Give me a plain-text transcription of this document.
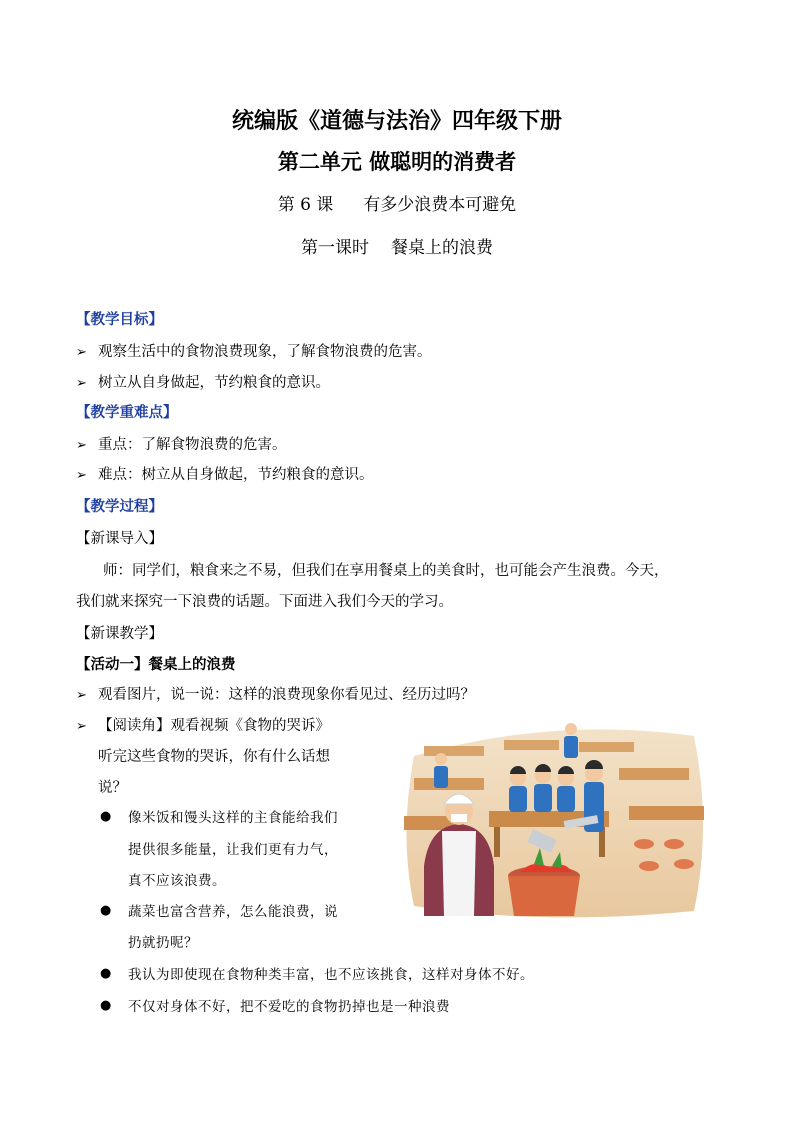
统编版《道德与法治》四年级下册
第二单元 做聪明的消费者
第 6 课 有多少浪费本可避免
第一课时 餐桌上的浪费
【教学目标】
➢ 观察生活中的食物浪费现象，了解食物浪费的危害。
➢ 树立从自身做起，节约粮食的意识。
【教学重难点】
➢ 重点：了解食物浪费的危害。
➢ 难点：树立从自身做起，节约粮食的意识。
【教学过程】
【新课导入】
师：同学们，粮食来之不易，但我们在享用餐桌上的美食时，也可能会产生浪费。今天，
我们就来探究一下浪费的话题。下面进入我们今天的学习。
【新课教学】
【活动一】餐桌上的浪费
➢ 观看图片，说一说：这样的浪费现象你看见过、经历过吗？
➢ 【阅读角】观看视频《食物的哭诉》
听完这些食物的哭诉，你有什么话想
说？
● 像米饭和馒头这样的主食能给我们
提供很多能量，让我们更有力气，
真不应该浪费。
● 蔬菜也富含营养，怎么能浪费，说
扔就扔呢？
● 我认为即使现在食物种类丰富，也不应该挑食，这样对身体不好。
● 不仅对身体不好，把不爱吃的食物扔掉也是一种浪费
